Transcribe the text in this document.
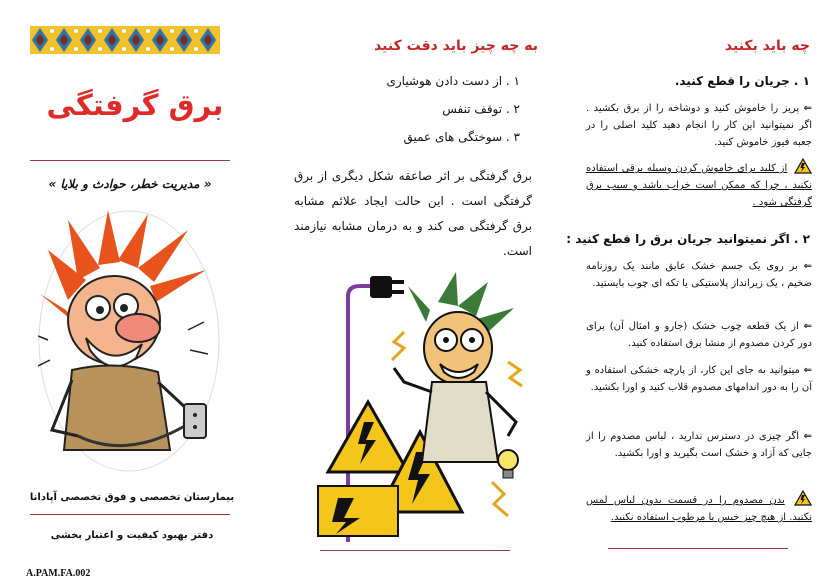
برق گرفتگی
« مدیریت خطر، حوادث و بلایا »
بیمارستان تخصصی و فوق تخصصی آپادانا
دفتر بهبود کیفیت و اعتبار بخشی
A.PAM.FA.002
به چه چیز باید دقت کنید
۱ . از دست دادن هوشیاری
۲ . توقف تنفس
۳ . سوختگی های عمیق
برق گرفتگی بر اثر صاعقه شکل دیگری از برق گرفتگی است . این حالت ایجاد علائم مشابه برق گرفتگی می کند و به درمان مشابه نیازمند است.
چه باید بکنید
۱ . جریان را قطع کنید.
⇐ پریز را خاموش کنید و دوشاخه را از برق بکشید . اگر نمیتوانید این کار را انجام دهید کلید اصلی را در جعبه فیوز خاموش کنید.
از کلید برای خاموش کردن وسیله برقی استفاده نکنید ، چرا که ممکن است خراب باشد و سبب برق گرفتگی شود .
۲ . اگر نمیتوانید جریان برق را قطع کنید :
⇐ بر روی یک جسم خشک عایق مانند یک روزنامه ضخیم ، یک زیرانداز پلاستیکی یا تکه ای چوب بایستید.
⇐ از یک قطعه چوب خشک (جارو و امثال آن) برای دور کردن مصدوم از منشا برق استفاده کنید.
⇐ میتوانید به جای این کار، از پارچه خشکی استفاده و آن را به دور اندامهای مصدوم قلاب کنید و اورا بکشید.
⇐ اگر چیزی در دسترس ندارید ، لباس مصدوم را از جایی که آزاد و خشک است بگیرید و اورا بکشید.
بدن مصدوم را در قسمت بدون لباس لمس نکنید. از هیچ چیز خیس یا مرطوب استفاده نکنید.
